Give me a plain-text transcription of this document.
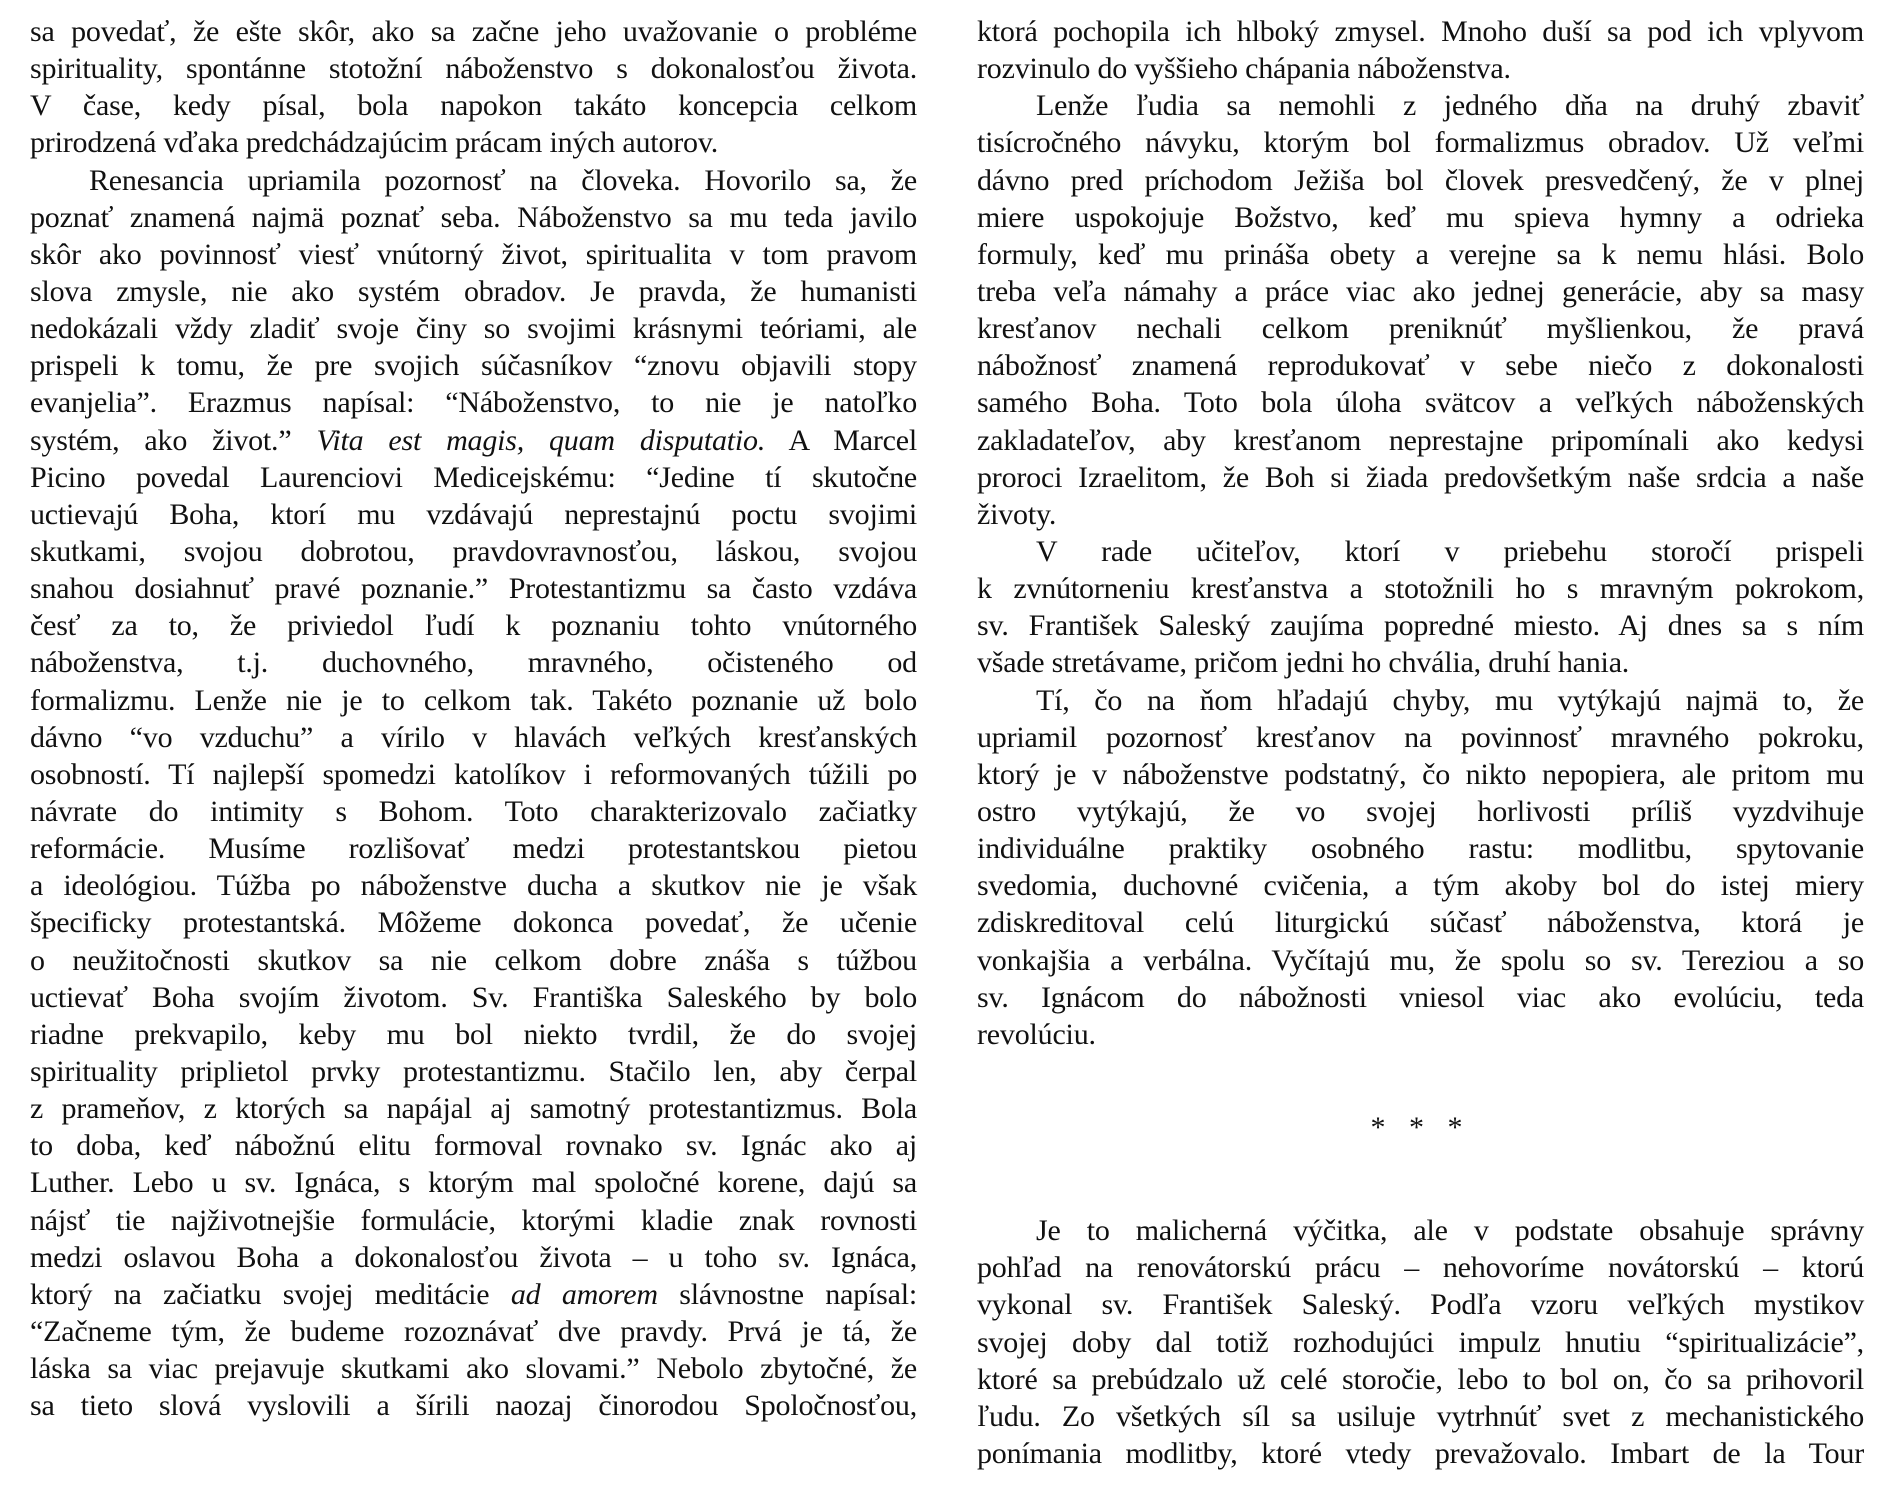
sa povedať, že ešte skôr, ako sa začne jeho uvažovanie o probléme
spirituality, spontánne stotožní náboženstvo s dokonalosťou života.
V čase, kedy písal, bola napokon takáto koncepcia celkom
prirodzená vďaka predchádzajúcim prácam iných autorov.
Renesancia upriamila pozornosť na človeka. Hovorilo sa, že
poznať znamená najmä poznať seba. Náboženstvo sa mu teda javilo
skôr ako povinnosť viesť vnútorný život, spiritualita v tom pravom
slova zmysle, nie ako systém obradov. Je pravda, že humanisti
nedokázali vždy zladiť svoje činy so svojimi krásnymi teóriami, ale
prispeli k tomu, že pre svojich súčasníkov “znovu objavili stopy
evanjelia”. Erazmus napísal: “Náboženstvo, to nie je natoľko
systém, ako život.” Vita est magis, quam disputatio. A Marcel
Picino povedal Laurenciovi Medicejskému: “Jedine tí skutočne
uctievajú Boha, ktorí mu vzdávajú neprestajnú poctu svojimi
skutkami, svojou dobrotou, pravdovravnosťou, láskou, svojou
snahou dosiahnuť pravé poznanie.” Protestantizmu sa často vzdáva
česť za to, že priviedol ľudí k poznaniu tohto vnútorného
náboženstva, t.j. duchovného, mravného, očisteného od
formalizmu. Lenže nie je to celkom tak. Takéto poznanie už bolo
dávno “vo vzduchu” a vírilo v hlavách veľkých kresťanských
osobností. Tí najlepší spomedzi katolíkov i reformovaných túžili po
návrate do intimity s Bohom. Toto charakterizovalo začiatky
reformácie. Musíme rozlišovať medzi protestantskou pietou
a ideológiou. Túžba po náboženstve ducha a skutkov nie je však
špecificky protestantská. Môžeme dokonca povedať, že učenie
o neužitočnosti skutkov sa nie celkom dobre znáša s túžbou
uctievať Boha svojím životom. Sv. Františka Saleského by bolo
riadne prekvapilo, keby mu bol niekto tvrdil, že do svojej
spirituality priplietol prvky protestantizmu. Stačilo len, aby čerpal
z prameňov, z ktorých sa napájal aj samotný protestantizmus. Bola
to doba, keď nábožnú elitu formoval rovnako sv. Ignác ako aj
Luther. Lebo u sv. Ignáca, s ktorým mal spoločné korene, dajú sa
nájsť tie najživotnejšie formulácie, ktorými kladie znak rovnosti
medzi oslavou Boha a dokonalosťou života – u toho sv. Ignáca,
ktorý na začiatku svojej meditácie ad amorem slávnostne napísal:
“Začneme tým, že budeme rozoznávať dve pravdy. Prvá je tá, že
láska sa viac prejavuje skutkami ako slovami.” Nebolo zbytočné, že
sa tieto slová vyslovili a šírili naozaj činorodou Spoločnosťou,
ktorá pochopila ich hlboký zmysel. Mnoho duší sa pod ich vplyvom
rozvinulo do vyššieho chápania náboženstva.
Lenže ľudia sa nemohli z jedného dňa na druhý zbaviť
tisícročného návyku, ktorým bol formalizmus obradov. Už veľmi
dávno pred príchodom Ježiša bol človek presvedčený, že v plnej
miere uspokojuje Božstvo, keď mu spieva hymny a odrieka
formuly, keď mu prináša obety a verejne sa k nemu hlási. Bolo
treba veľa námahy a práce viac ako jednej generácie, aby sa masy
kresťanov nechali celkom preniknúť myšlienkou, že pravá
nábožnosť znamená reprodukovať v sebe niečo z dokonalosti
samého Boha. Toto bola úloha svätcov a veľkých náboženských
zakladateľov, aby kresťanom neprestajne pripomínali ako kedysi
proroci Izraelitom, že Boh si žiada predovšetkým naše srdcia a naše
životy.
V rade učiteľov, ktorí v priebehu storočí prispeli
k zvnútorneniu kresťanstva a stotožnili ho s mravným pokrokom,
sv. František Saleský zaujíma popredné miesto. Aj dnes sa s ním
všade stretávame, pričom jedni ho chvália, druhí hania.
Tí, čo na ňom hľadajú chyby, mu vytýkajú najmä to, že
upriamil pozornosť kresťanov na povinnosť mravného pokroku,
ktorý je v náboženstve podstatný, čo nikto nepopiera, ale pritom mu
ostro vytýkajú, že vo svojej horlivosti príliš vyzdvihuje
individuálne praktiky osobného rastu: modlitbu, spytovanie
svedomia, duchovné cvičenia, a tým akoby bol do istej miery
zdiskreditoval celú liturgickú súčasť náboženstva, ktorá je
vonkajšia a verbálna. Vyčítajú mu, že spolu so sv. Tereziou a so
sv. Ignácom do nábožnosti vniesol viac ako evolúciu, teda
revolúciu.
* * *
Je to malicherná výčitka, ale v podstate obsahuje správny
pohľad na renovátorskú prácu – nehovoríme novátorskú – ktorú
vykonal sv. František Saleský. Podľa vzoru veľkých mystikov
svojej doby dal totiž rozhodujúci impulz hnutiu “spiritualizácie”,
ktoré sa prebúdzalo už celé storočie, lebo to bol on, čo sa prihovoril
ľudu. Zo všetkých síl sa usiluje vytrhnúť svet z mechanistického
ponímania modlitby, ktoré vtedy prevažovalo. Imbart de la Tour
